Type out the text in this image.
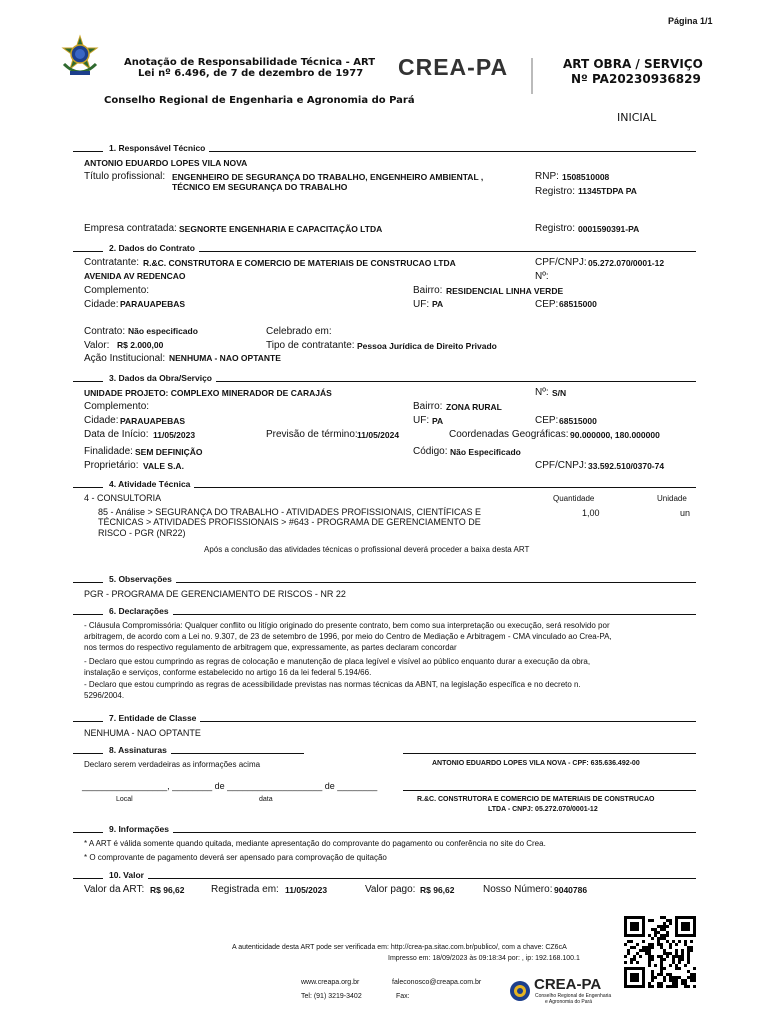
Página 1/1
Anotação de Responsabilidade Técnica - ART
Lei nº 6.496, de 7 de dezembro de 1977 CREA-PA	ART OBRA / SERVIÇO
Nº PA20230936829
Conselho Regional de Engenharia e Agronomia do Pará
INICIAL
1. Responsável Técnico
ANTONIO EDUARDO LOPES VILA NOVA
Título profissional: ENGENHEIRO DE SEGURANÇA DO TRABALHO, ENGENHEIRO AMBIENTAL ,
TÉCNICO EM SEGURANÇA DO TRABALHO
RNP: 1508510008
Registro: 11345TDPA PA
Empresa contratada: SEGNORTE ENGENHARIA E CAPACITAÇÃO LTDA	Registro: 0001590391-PA
2. Dados do Contrato
Contratante: R.&C. CONSTRUTORA E COMERCIO DE MATERIAIS DE CONSTRUCAO LTDA	CPF/CNPJ: 05.272.070/0001-12
AVENIDA AV REDENCAO	Nº:
Complemento:	Bairro: RESIDENCIAL LINHA VERDE
Cidade: PARAUAPEBAS	UF: PA	CEP: 68515000
Contrato: Não especificado	Celebrado em:
Valor: R$ 2.000,00	Tipo de contratante: Pessoa Jurídica de Direito Privado
Ação Institucional: NENHUMA - NAO OPTANTE
3. Dados da Obra/Serviço
UNIDADE PROJETO: COMPLEXO MINERADOR DE CARAJÁS	Nº: S/N
Complemento:	Bairro: ZONA RURAL
Cidade: PARAUAPEBAS	UF: PA	CEP: 68515000
Data de Início: 11/05/2023	Previsão de término: 11/05/2024	Coordenadas Geográficas: 90.000000, 180.000000
Finalidade: SEM DEFINIÇÃO	Código: Não Especificado
Proprietário: VALE S.A.	CPF/CNPJ: 33.592.510/0370-74
4. Atividade Técnica
4 - CONSULTORIA	Quantidade	Unidade
85 - Análise > SEGURANÇA DO TRABALHO - ATIVIDADES PROFISSIONAIS, CIENTÍFICAS E
TÉCNICAS > ATIVIDADES PROFISSIONAIS > #643 - PROGRAMA DE GERENCIAMENTO DE
RISCO - PGR (NR22)
1,00	un
Após a conclusão das atividades técnicas o profissional deverá proceder a baixa desta ART
5. Observações
PGR - PROGRAMA DE GERENCIAMENTO DE RISCOS - NR 22
6. Declarações
- Cláusula Compromissória: Qualquer conflito ou litígio originado do presente contrato, bem como sua interpretação ou execução, será resolvido por
arbitragem, de acordo com a Lei no. 9.307, de 23 de setembro de 1996, por meio do Centro de Mediação e Arbitragem - CMA vinculado ao Crea-PA,
nos termos do respectivo regulamento de arbitragem que, expressamente, as partes declaram concordar
- Declaro que estou cumprindo as regras de colocação e manutenção de placa legível e visível ao público enquanto durar a execução da obra,
instalação e serviços, conforme estabelecido no artigo 16 da lei federal 5.194/66.
- Declaro que estou cumprindo as regras de acessibilidade previstas nas normas técnicas da ABNT, na legislação específica e no decreto n.
5296/2004.
7. Entidade de Classe
NENHUMA - NAO OPTANTE
8. Assinaturas
Declaro serem verdadeiras as informações acima	ANTONIO EDUARDO LOPES VILA NOVA - CPF: 635.636.492-00
_________________, ________ de ___________________ de ________
Local	data	R.&C. CONSTRUTORA E COMERCIO DE MATERIAIS DE CONSTRUCAO
LTDA - CNPJ: 05.272.070/0001-12
9. Informações
* A ART é válida somente quando quitada, mediante apresentação do comprovante do pagamento ou conferência no site do Crea.
* O comprovante de pagamento deverá ser apensado para comprovação de quitação
10. Valor
Valor da ART: R$ 96,62	Registrada em: 11/05/2023	Valor pago: R$ 96,62	Nosso Número: 9040786
A autenticidade desta ART pode ser verificada em: http://crea-pa.sitac.com.br/publico/, com a chave: CZ6cA
Impresso em: 18/09/2023 às 09:18:34 por: , ip: 192.168.100.1
www.creapa.org.br	faleconosco@creapa.com.br
Tel: (91) 3219-3402	Fax:
CREA-PA
Conselho Regional de Engenharia
e Agronomia do Pará
